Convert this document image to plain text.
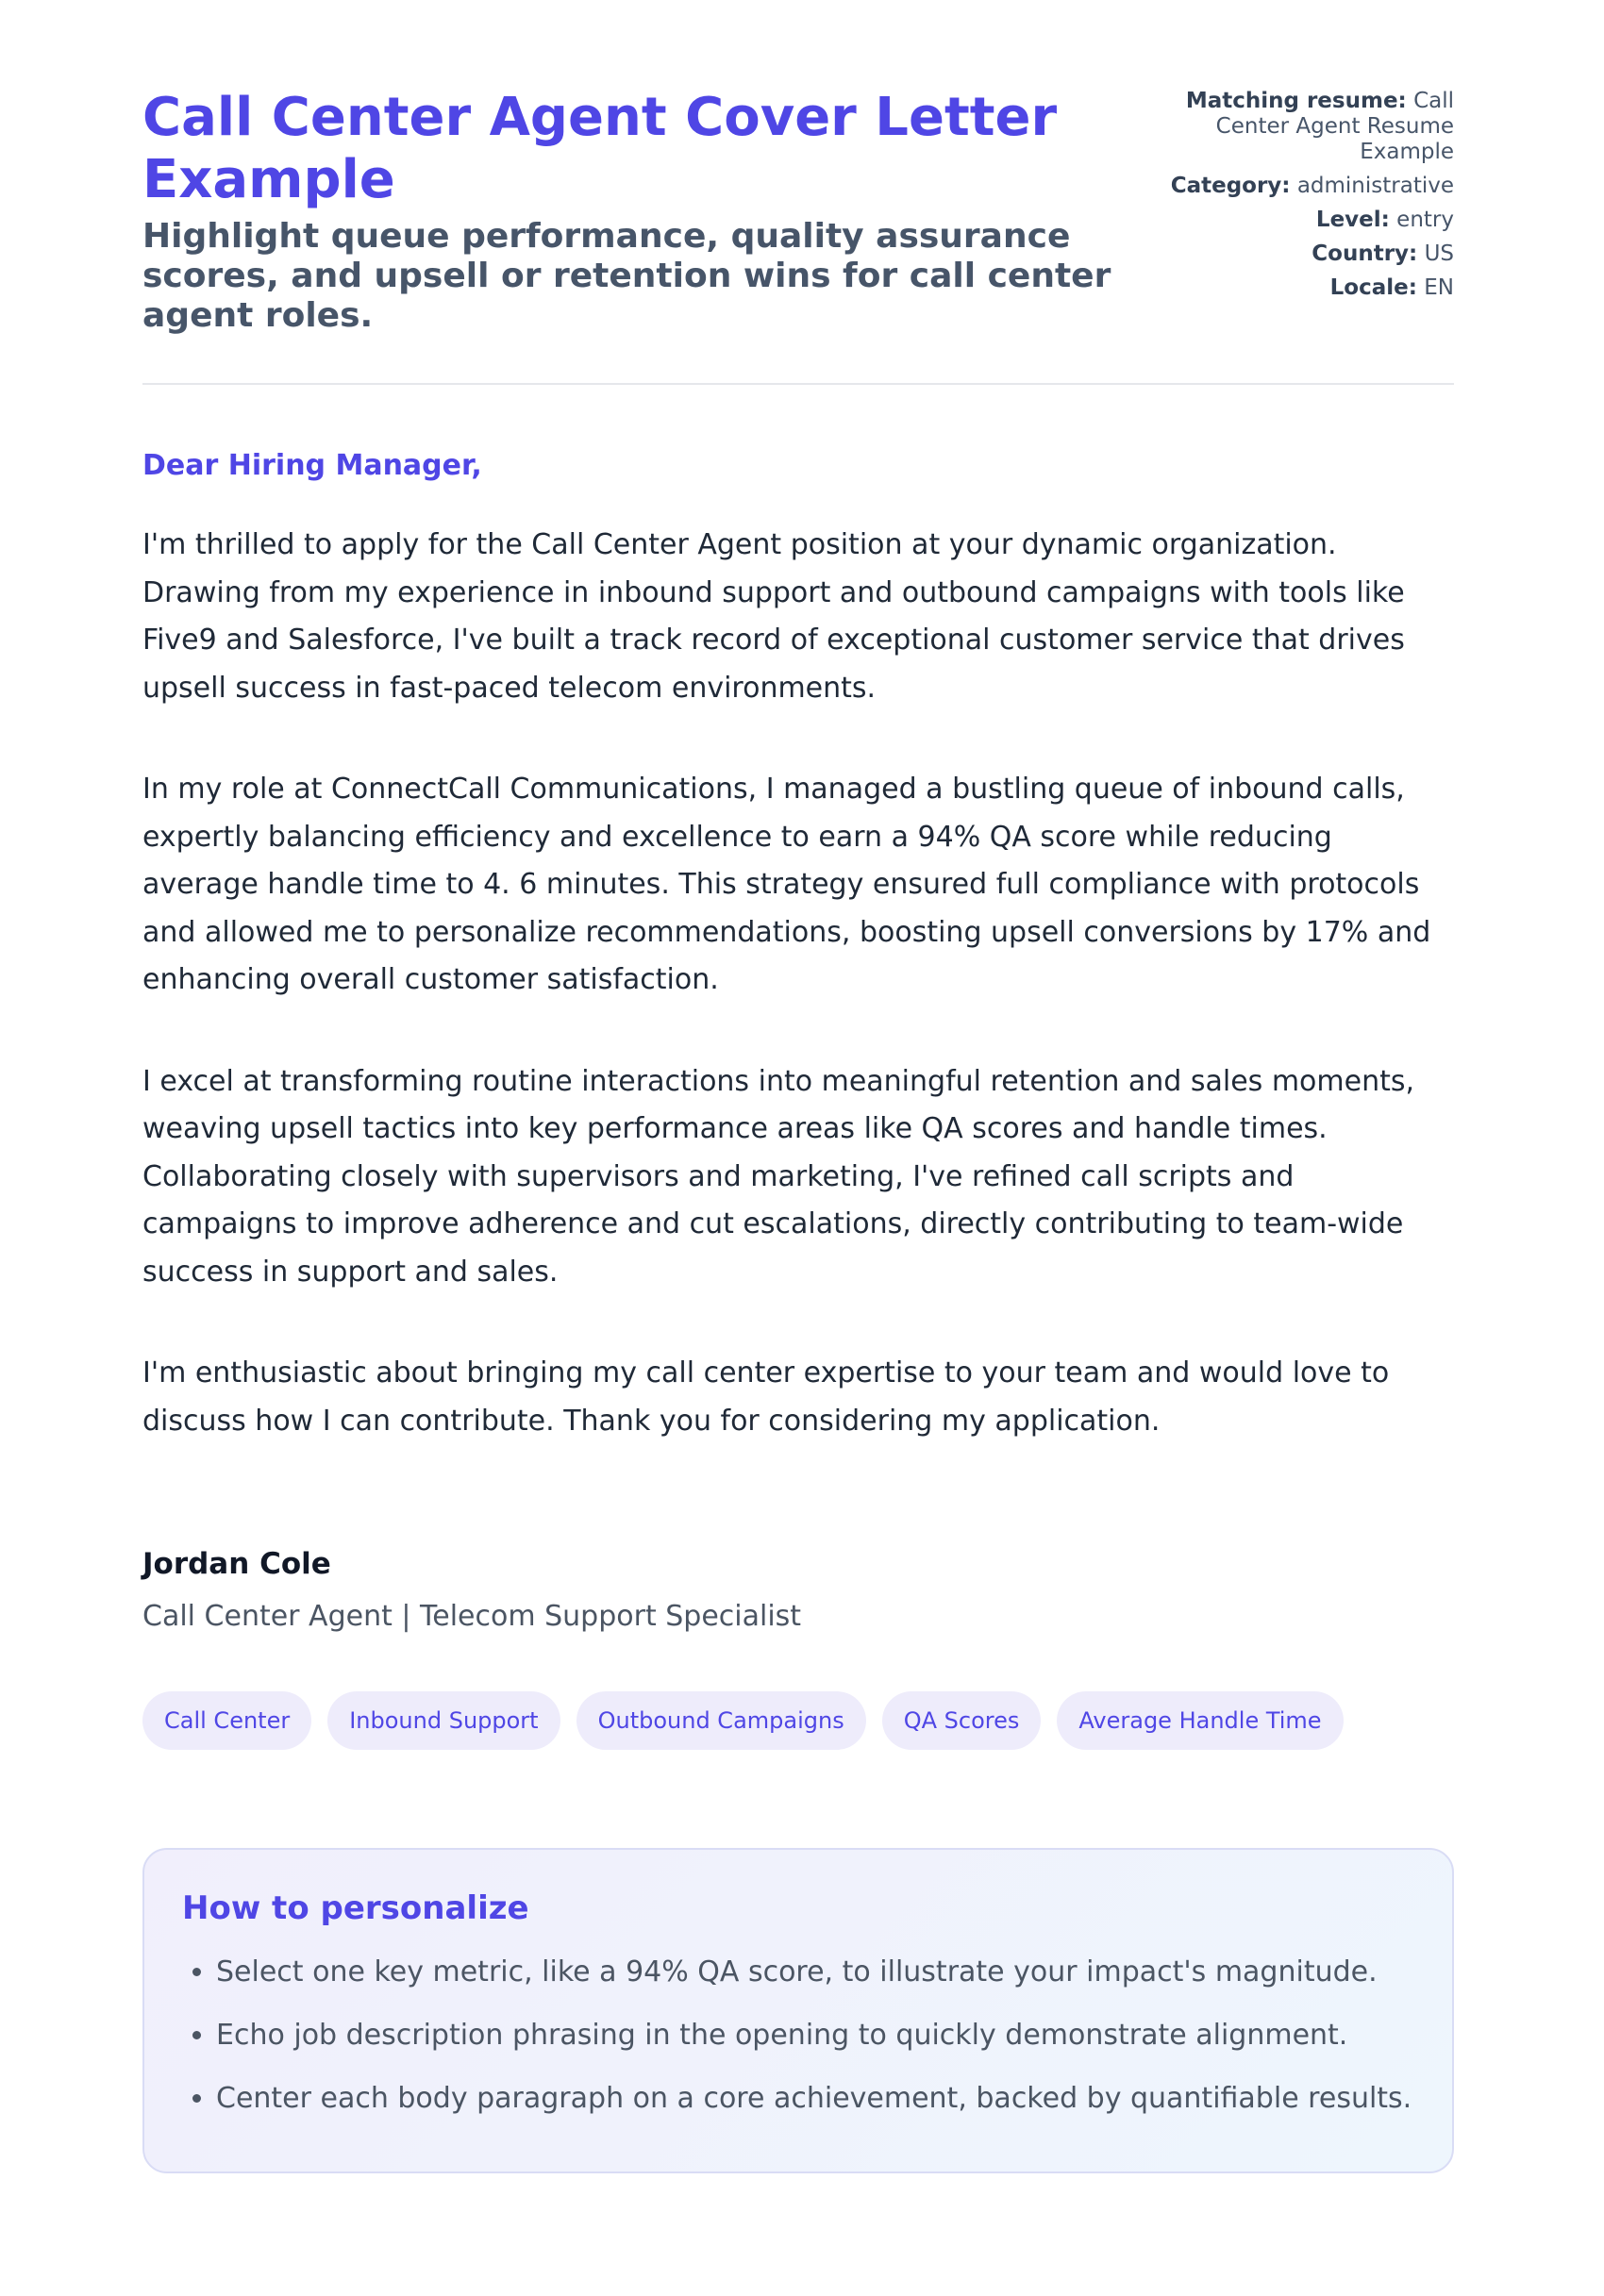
Call Center Agent Cover Letter Example
Highlight queue performance, quality assurance scores, and upsell or retention wins for call center agent roles.
Matching resume: Call Center Agent Resume Example
Category: administrative
Level: entry
Country: US
Locale: EN
Dear Hiring Manager,

I'm thrilled to apply for the Call Center Agent position at your dynamic organization. Drawing from my experience in inbound support and outbound campaigns with tools like Five9 and Salesforce, I've built a track record of exceptional customer service that drives upsell success in fast-paced telecom environments.

In my role at ConnectCall Communications, I managed a bustling queue of inbound calls, expertly balancing efficiency and excellence to earn a 94% QA score while reducing average handle time to 4. 6 minutes. This strategy ensured full compliance with protocols and allowed me to personalize recommendations, boosting upsell conversions by 17% and enhancing overall customer satisfaction.

I excel at transforming routine interactions into meaningful retention and sales moments, weaving upsell tactics into key performance areas like QA scores and handle times. Collaborating closely with supervisors and marketing, I've refined call scripts and campaigns to improve adherence and cut escalations, directly contributing to team-wide success in support and sales.

I'm enthusiastic about bringing my call center expertise to your team and would love to discuss how I can contribute. Thank you for considering my application.

Jordan Cole
Call Center Agent | Telecom Support Specialist
Call Center	Inbound Support	Outbound Campaigns	QA Scores	Average Handle Time
How to personalize
• Select one key metric, like a 94% QA score, to illustrate your impact's magnitude.
• Echo job description phrasing in the opening to quickly demonstrate alignment.
• Center each body paragraph on a core achievement, backed by quantifiable results.
